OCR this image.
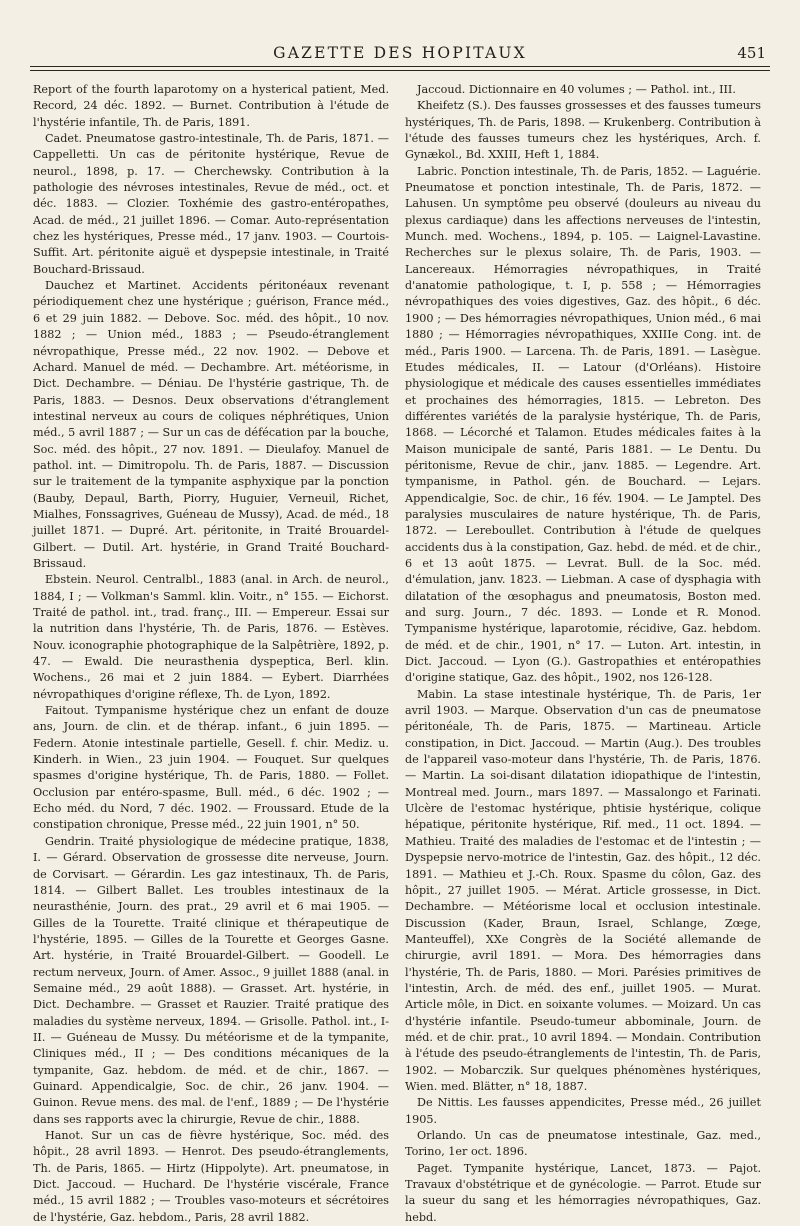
GAZETTE DES HOPITAUX	451

Report of the fourth laparotomy on a hysterical patient, Med. Record, 24 déc. 1892. — Burnet. Contribution à l'étude de l'hystérie infantile, Th. de Paris, 1891.

Cadet. Pneumatose gastro-intestinale, Th. de Paris, 1871. — Cappelletti. Un cas de péritonite hystérique, Revue de neurol., 1898, p. 17. — Cherchewsky. Contribution à la pathologie des névroses intestinales, Revue de méd., oct. et déc. 1883. — Clozier. Toxhémie des gastro-entéropathes, Acad. de méd., 21 juillet 1896. — Comar. Auto-représentation chez les hystériques, Presse méd., 17 janv. 1903. — Courtois-Suffit. Art. péritonite aiguë et dyspepsie intestinale, in Traité Bouchard-Brissaud.

Dauchez et Martinet. Accidents péritonéaux revenant périodiquement chez une hystérique ; guérison, France méd., 6 et 29 juin 1882. — Debove. Soc. méd. des hôpit., 10 nov. 1882 ; — Union méd., 1883 ; — Pseudo-étranglement névropathique, Presse méd., 22 nov. 1902. — Debove et Achard. Manuel de méd. — Dechambre. Art. météorisme, in Dict. Dechambre. — Déniau. De l'hystérie gastrique, Th. de Paris, 1883. — Desnos. Deux observations d'étranglement intestinal nerveux au cours de coliques néphrétiques, Union méd., 5 avril 1887 ; — Sur un cas de défécation par la bouche, Soc. méd. des hôpit., 27 nov. 1891. — Dieulafoy. Manuel de pathol. int. — Dimitropolu. Th. de Paris, 1887. — Discussion sur le traitement de la tympanite asphyxique par la ponction (Bauby, Depaul, Barth, Piorry, Huguier, Verneuil, Richet, Mialhes, Fonssagrives, Guéneau de Mussy), Acad. de méd., 18 juillet 1871. — Dupré. Art. péritonite, in Traité Brouardel-Gilbert. — Dutil. Art. hystérie, in Grand Traité Bouchard-Brissaud.

Ebstein. Neurol. Centralbl., 1883 (anal. in Arch. de neurol., 1884, I ; — Volkman's Samml. klin. Voitr., n° 155. — Eichorst. Traité de pathol. int., trad. franç., III. — Empereur. Essai sur la nutrition dans l'hystérie, Th. de Paris, 1876. — Estèves. Nouv. iconographie photographique de la Salpêtrière, 1892, p. 47. — Ewald. Die neurasthenia dyspeptica, Berl. klin. Wochens., 26 mai et 2 juin 1884. — Eybert. Diarrhées névropathiques d'origine réflexe, Th. de Lyon, 1892.

Faitout. Tympanisme hystérique chez un enfant de douze ans, Journ. de clin. et de thérap. infant., 6 juin 1895. — Federn. Atonie intestinale partielle, Gesell. f. chir. Mediz. u. Kinderh. in Wien., 23 juin 1904. — Fouquet. Sur quelques spasmes d'origine hystérique, Th. de Paris, 1880. — Follet. Occlusion par entéro-spasme, Bull. méd., 6 déc. 1902 ; — Echo méd. du Nord, 7 déc. 1902. — Froussard. Etude de la constipation chronique, Presse méd., 22 juin 1901, n° 50.

Gendrin. Traité physiologique de médecine pratique, 1838, I. — Gérard. Observation de grossesse dite nerveuse, Journ. de Corvisart. — Gérardin. Les gaz intestinaux, Th. de Paris, 1814. — Gilbert Ballet. Les troubles intestinaux de la neurasthénie, Journ. des prat., 29 avril et 6 mai 1905. — Gilles de la Tourette. Traité clinique et thérapeutique de l'hystérie, 1895. — Gilles de la Tourette et Georges Gasne. Art. hystérie, in Traité Brouardel-Gilbert. — Goodell. Le rectum nerveux, Journ. of Amer. Assoc., 9 juillet 1888 (anal. in Semaine méd., 29 août 1888). — Grasset. Art. hystérie, in Dict. Dechambre. — Grasset et Rauzier. Traité pratique des maladies du système nerveux, 1894. — Grisolle. Pathol. int., I-II. — Guéneau de Mussy. Du météorisme et de la tympanite, Cliniques méd., II ; — Des conditions mécaniques de la tympanite, Gaz. hebdom. de méd. et de chir., 1867. — Guinard. Appendicalgie, Soc. de chir., 26 janv. 1904. — Guinon. Revue mens. des mal. de l'enf., 1889 ; — De l'hystérie dans ses rapports avec la chirurgie, Revue de chir., 1888.

Hanot. Sur un cas de fièvre hystérique, Soc. méd. des hôpit., 28 avril 1893. — Henrot. Des pseudo-étranglements, Th. de Paris, 1865. — Hirtz (Hippolyte). Art. pneumatose, in Dict. Jaccoud. — Huchard. De l'hystérie viscérale, France méd., 15 avril 1882 ; — Troubles vaso-moteurs et sécrétoires de l'hystérie, Gaz. hebdom., Paris, 28 avril 1882.

Jaccoud. Dictionnaire en 40 volumes ; — Pathol. int., III.

Kheifetz (S.). Des fausses grossesses et des fausses tumeurs hystériques, Th. de Paris, 1898. — Krukenberg. Contribution à l'étude des fausses tumeurs chez les hystériques, Arch. f. Gynækol., Bd. XXIII, Heft 1, 1884.

Labric. Ponction intestinale, Th. de Paris, 1852. — Laguérie. Pneumatose et ponction intestinale, Th. de Paris, 1872. — Lahusen. Un symptôme peu observé (douleurs au niveau du plexus cardiaque) dans les affections nerveuses de l'intestin, Munch. med. Wochens., 1894, p. 105. — Laignel-Lavastine. Recherches sur le plexus solaire, Th. de Paris, 1903. — Lancereaux. Hémorragies névropathiques, in Traité d'anatomie pathologique, t. I, p. 558 ; — Hémorragies névropathiques des voies digestives, Gaz. des hôpit., 6 déc. 1900 ; — Des hémorragies névropathiques, Union méd., 6 mai 1880 ; — Hémorragies névropathiques, XXIIIe Cong. int. de méd., Paris 1900. — Larcena. Th. de Paris, 1891. — Lasègue. Etudes médicales, II. — Latour (d'Orléans). Histoire physiologique et médicale des causes essentielles immédiates et prochaines des hémorragies, 1815. — Lebreton. Des différentes variétés de la paralysie hystérique, Th. de Paris, 1868. — Lécorché et Talamon. Etudes médicales faites à la Maison municipale de santé, Paris 1881. — Le Dentu. Du péritonisme, Revue de chir., janv. 1885. — Legendre. Art. tympanisme, in Pathol. gén. de Bouchard. — Lejars. Appendicalgie, Soc. de chir., 16 fév. 1904. — Le Jamptel. Des paralysies musculaires de nature hystérique, Th. de Paris, 1872. — Lereboullet. Contribution à l'étude de quelques accidents dus à la constipation, Gaz. hebd. de méd. et de chir., 6 et 13 août 1875. — Levrat. Bull. de la Soc. méd. d'émulation, janv. 1823. — Liebman. A case of dysphagia with dilatation of the œsophagus and pneumatosis, Boston med. and surg. Journ., 7 déc. 1893. — Londe et R. Monod. Tympanisme hystérique, laparotomie, récidive, Gaz. hebdom. de méd. et de chir., 1901, n° 17. — Luton. Art. intestin, in Dict. Jaccoud. — Lyon (G.). Gastropathies et entéropathies d'origine statique, Gaz. des hôpit., 1902, nos 126-128.

Mabin. La stase intestinale hystérique, Th. de Paris, 1er avril 1903. — Marque. Observation d'un cas de pneumatose péritonéale, Th. de Paris, 1875. — Martineau. Article constipation, in Dict. Jaccoud. — Martin (Aug.). Des troubles de l'appareil vaso-moteur dans l'hystérie, Th. de Paris, 1876. — Martin. La soi-disant dilatation idiopathique de l'intestin, Montreal med. Journ., mars 1897. — Massalongo et Farinati. Ulcère de l'estomac hystérique, phtisie hystérique, colique hépatique, péritonite hystérique, Rif. med., 11 oct. 1894. — Mathieu. Traité des maladies de l'estomac et de l'intestin ; — Dyspepsie nervo-motrice de l'intestin, Gaz. des hôpit., 12 déc. 1891. — Mathieu et J.-Ch. Roux. Spasme du côlon, Gaz. des hôpit., 27 juillet 1905. — Mérat. Article grossesse, in Dict. Dechambre. — Météorisme local et occlusion intestinale. Discussion (Kader, Braun, Israel, Schlange, Zœge, Manteuffel), XXe Congrès de la Société allemande de chirurgie, avril 1891. — Mora. Des hémorragies dans l'hystérie, Th. de Paris, 1880. — Mori. Parésies primitives de l'intestin, Arch. de méd. des enf., juillet 1905. — Murat. Article môle, in Dict. en soixante volumes. — Moizard. Un cas d'hystérie infantile. Pseudo-tumeur abbominale, Journ. de méd. et de chir. prat., 10 avril 1894. — Mondain. Contribution à l'étude des pseudo-étranglements de l'intestin, Th. de Paris, 1902. — Mobarczik. Sur quelques phénomènes hystériques, Wien. med. Blätter, n° 18, 1887.

De Nittis. Les fausses appendicites, Presse méd., 26 juillet 1905.

Orlando. Un cas de pneumatose intestinale, Gaz. med., Torino, 1er oct. 1896.

Paget. Tympanite hystérique, Lancet, 1873. — Pajot. Travaux d'obstétrique et de gynécologie. — Parrot. Etude sur la sueur du sang et les hémorragies névropathiques, Gaz. hebd.
